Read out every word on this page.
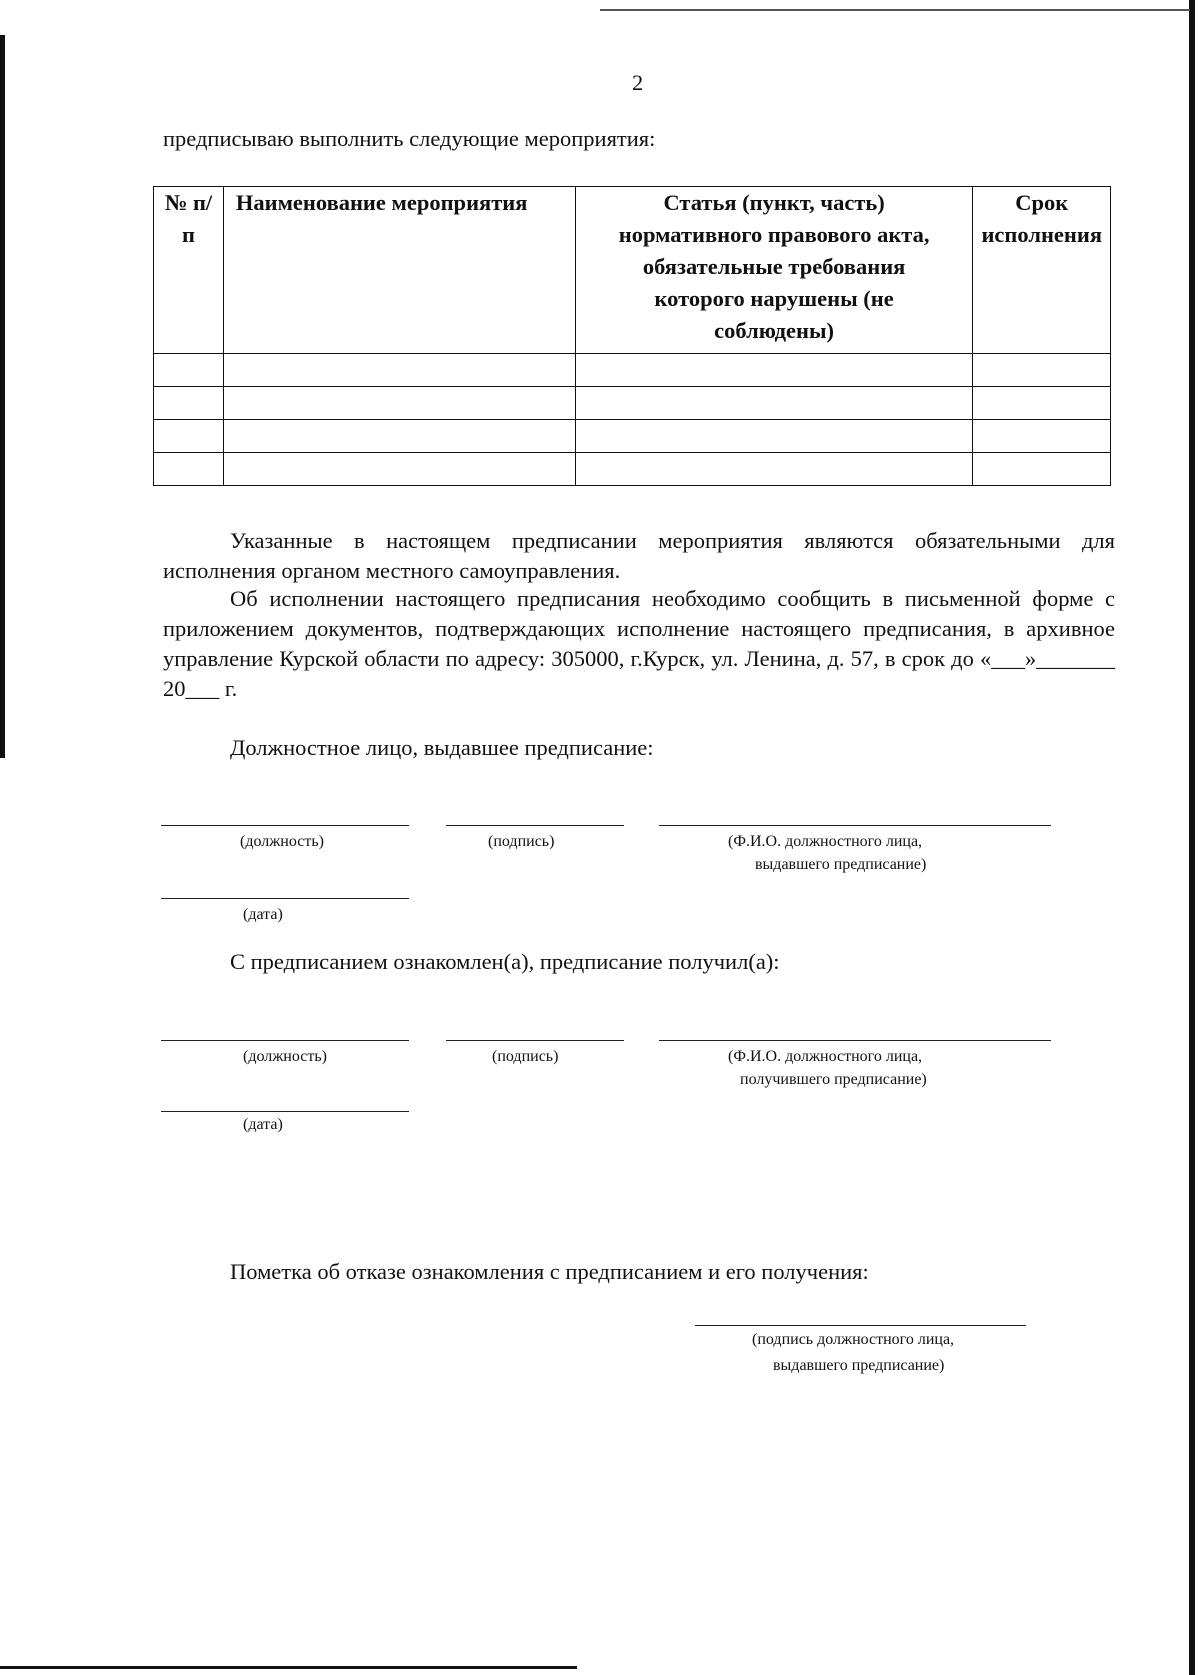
2
предписываю выполнить следующие мероприятия:
№ п/п	Наименование мероприятия	Статья (пункт, часть) нормативного правового акта, обязательные требования которого нарушены (не соблюдены)	Срок исполнения

Указанные в настоящем предписании мероприятия являются обязательными для исполнения органом местного самоуправления.
Об исполнении настоящего предписания необходимо сообщить в письменной форме с приложением документов, подтверждающих исполнение настоящего предписания, в архивное управление Курской области по адресу: 305000, г.Курск, ул. Ленина, д. 57, в срок до «___»_______ 20___ г.
Должностное лицо, выдавшее предписание:
(должность)	(подпись)	(Ф.И.О. должностного лица,
выдавшего предписание)
(дата)
С предписанием ознакомлен(а), предписание получил(а):
(должность)	(подпись)	(Ф.И.О. должностного лица,
получившего предписание)
(дата)
Пометка об отказе ознакомления с предписанием и его получения:
(подпись должностного лица,
выдавшего предписание)
